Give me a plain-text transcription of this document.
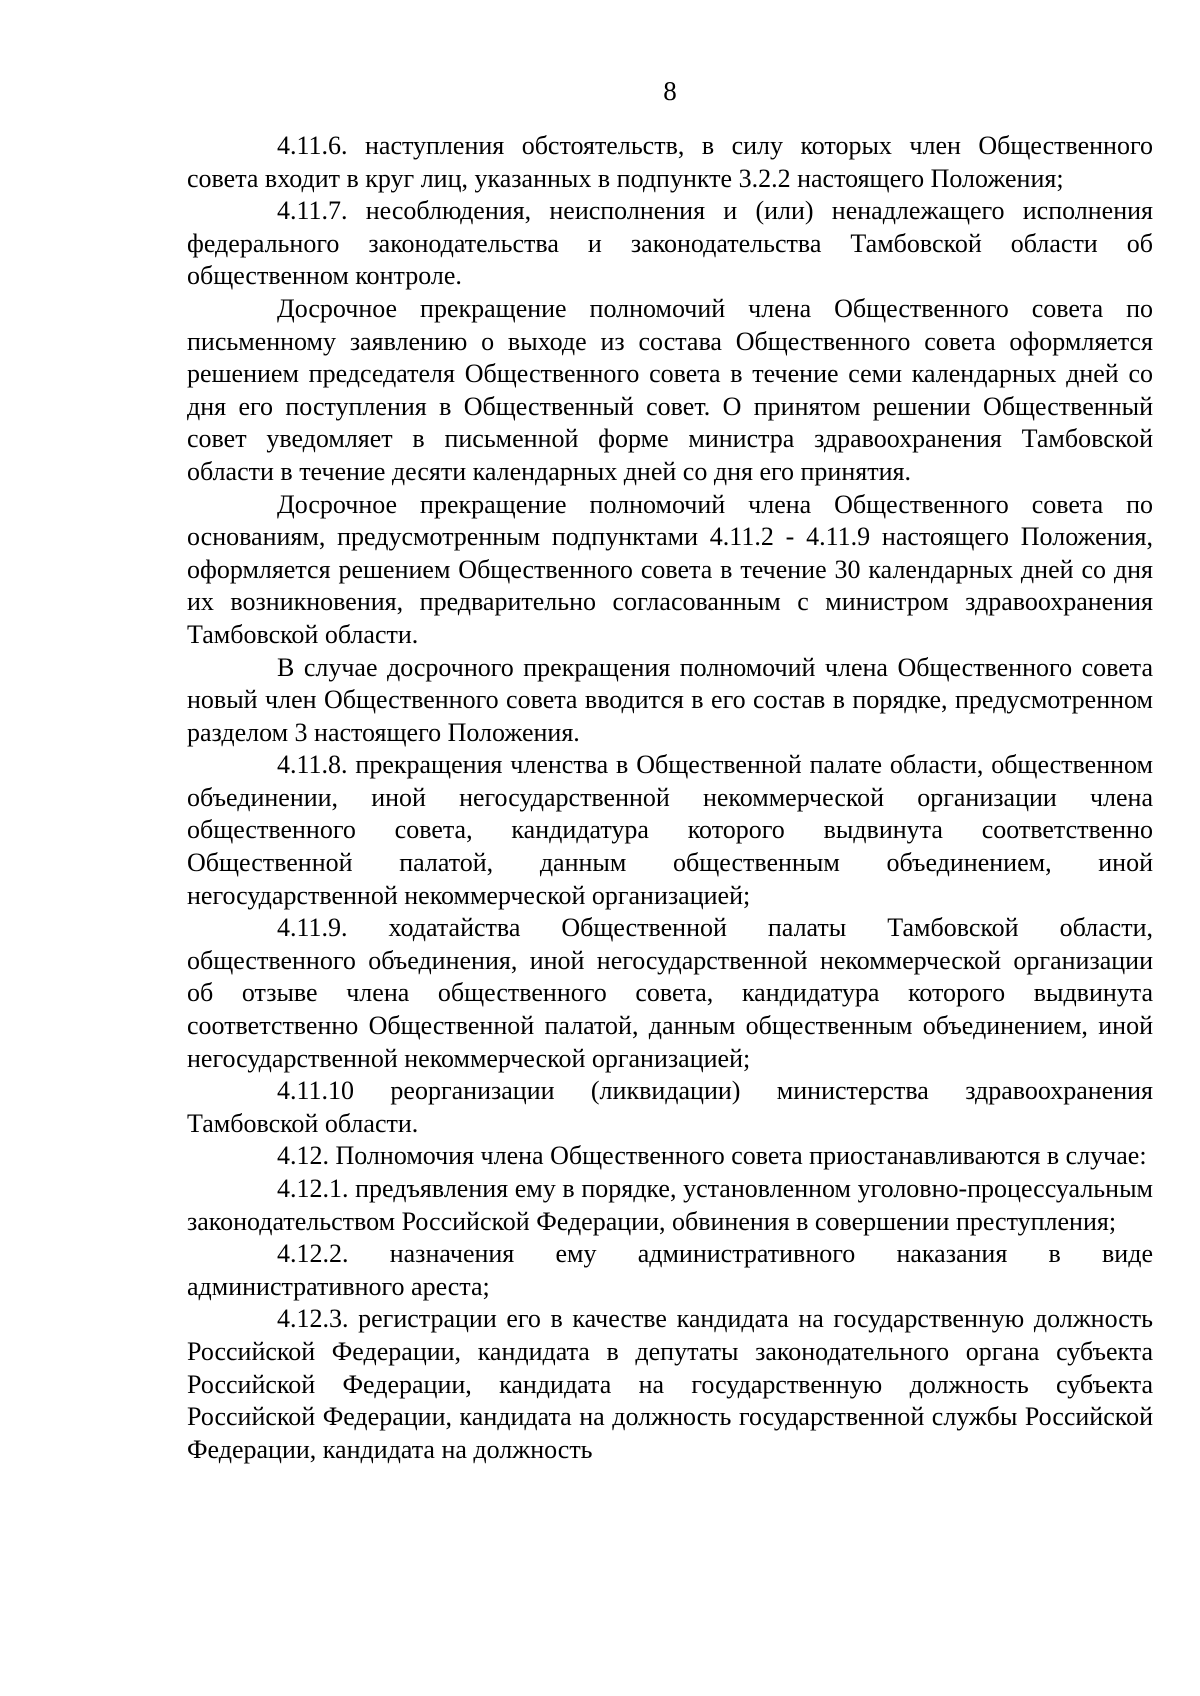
8

4.11.6. наступления обстоятельств, в силу которых член Общественного совета входит в круг лиц, указанных в подпункте 3.2.2 настоящего Положения;

4.11.7. несоблюдения, неисполнения и (или) ненадлежащего исполнения федерального законодательства и законодательства Тамбовской области об общественном контроле.

Досрочное прекращение полномочий члена Общественного совета по письменному заявлению о выходе из состава Общественного совета оформляется решением председателя Общественного совета в течение семи календарных дней со дня его поступления в Общественный совет. О принятом решении Общественный совет уведомляет в письменной форме министра здравоохранения Тамбовской области в течение десяти календарных дней со дня его принятия.

Досрочное прекращение полномочий члена Общественного совета по основаниям, предусмотренным подпунктами 4.11.2 - 4.11.9 настоящего Положения, оформляется решением Общественного совета в течение 30 календарных дней со дня их возникновения, предварительно согласованным с министром здравоохранения Тамбовской области.

В случае досрочного прекращения полномочий члена Общественного совета новый член Общественного совета вводится в его состав в порядке, предусмотренном разделом 3 настоящего Положения.

4.11.8. прекращения членства в Общественной палате области, общественном объединении, иной негосударственной некоммерческой организации члена общественного совета, кандидатура которого выдвинута соответственно Общественной палатой, данным общественным объединением, иной негосударственной некоммерческой организацией;

4.11.9. ходатайства Общественной палаты Тамбовской области, общественного объединения, иной негосударственной некоммерческой организации об отзыве члена общественного совета, кандидатура которого выдвинута соответственно Общественной палатой, данным общественным объединением, иной негосударственной некоммерческой организацией;

4.11.10 реорганизации (ликвидации) министерства здравоохранения Тамбовской области.

4.12. Полномочия члена Общественного совета приостанавливаются в случае:

4.12.1. предъявления ему в порядке, установленном уголовно-процессуальным законодательством Российской Федерации, обвинения в совершении преступления;

4.12.2. назначения ему административного наказания в виде административного ареста;

4.12.3. регистрации его в качестве кандидата на государственную должность Российской Федерации, кандидата в депутаты законодательного органа субъекта Российской Федерации, кандидата на государственную должность субъекта Российской Федерации, кандидата на должность государственной службы Российской Федерации, кандидата на должность
